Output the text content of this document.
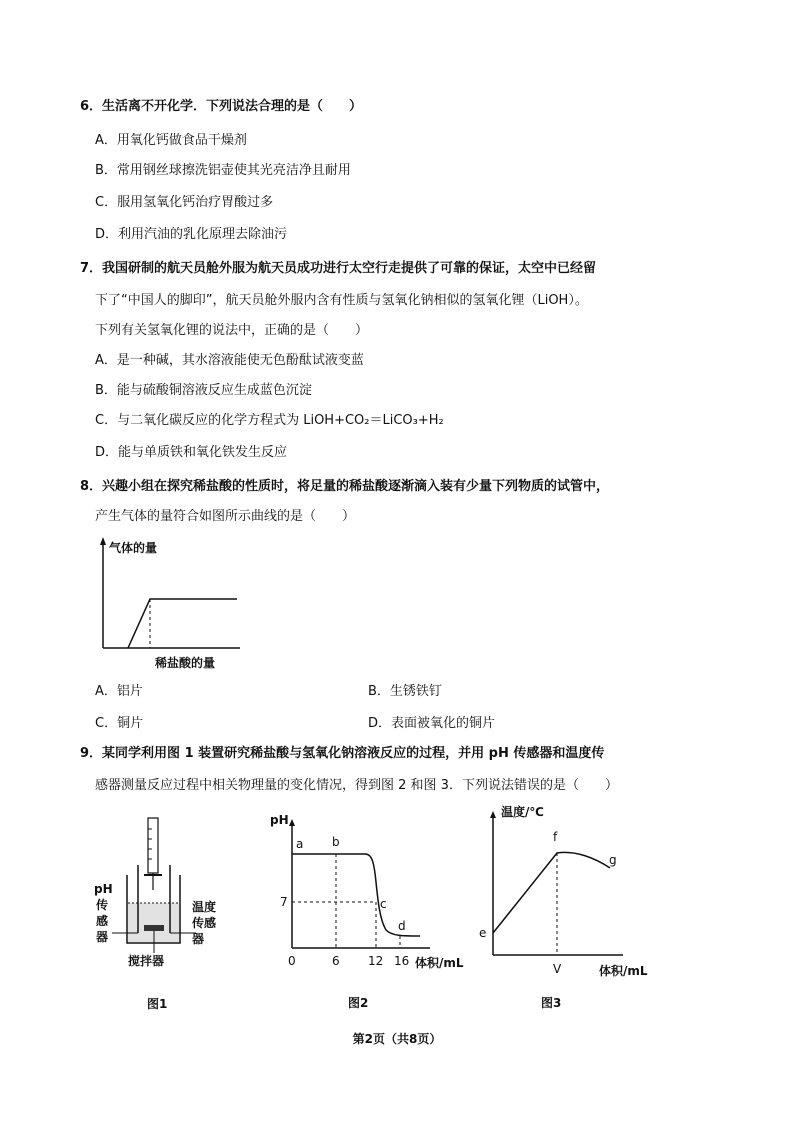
6．生活离不开化学．下列说法合理的是（　　）
A．用氧化钙做食品干燥剂
B．常用钢丝球擦洗铝壶使其光亮洁净且耐用
C．服用氢氧化钙治疗胃酸过多
D．利用汽油的乳化原理去除油污
7．我国研制的航天员舱外服为航天员成功进行太空行走提供了可靠的保证，太空中已经留
下了“中国人的脚印”，航天员舱外服内含有性质与氢氧化钠相似的氢氧化锂（LiOH）。
下列有关氢氧化锂的说法中，正确的是（　　）
A．是一种碱，其水溶液能使无色酚酞试液变蓝
B．能与硫酸铜溶液反应生成蓝色沉淀
C．与二氧化碳反应的化学方程式为 LiOH+CO₂＝LiCO₃+H₂
D．能与单质铁和氧化铁发生反应
8．兴趣小组在探究稀盐酸的性质时，将足量的稀盐酸逐渐滴入装有少量下列物质的试管中，
产生气体的量符合如图所示曲线的是（　　）
气体的量
稀盐酸的量
A．铝片	B．生锈铁钉
C．铜片	D．表面被氧化的铜片
9．某同学利用图 1 装置研究稀盐酸与氢氧化钠溶液反应的过程，并用 pH 传感器和温度传
感器测量反应过程中相关物理量的变化情况，得到图 2 和图 3．下列说法错误的是（　　）
pH
传
感
器
温度
传感
器
搅拌器
图1
pH
7
0	6 12 16 体积/mL
a b
c
d
图2
温度/℃
e
f
g
V	体积/mL
图3
第2页（共8页）
